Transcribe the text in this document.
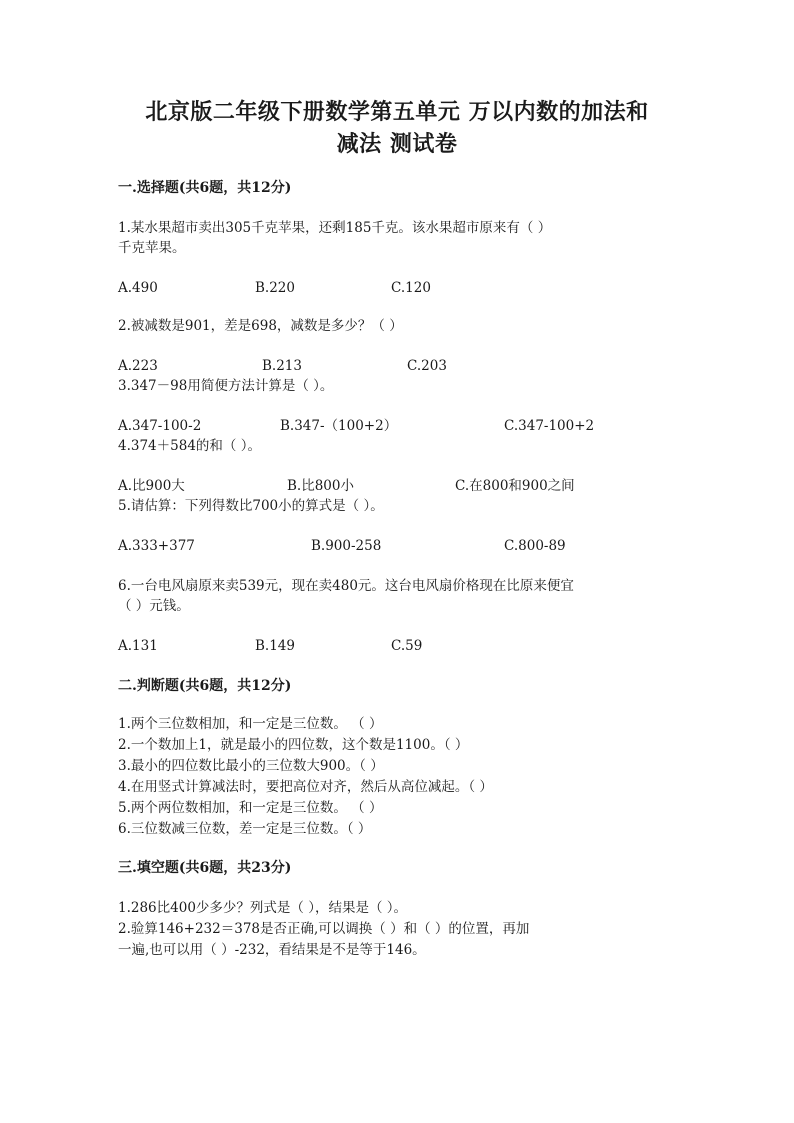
北京版二年级下册数学第五单元 万以内数的加法和
减法 测试卷
一.选择题(共6题，共12分)
1.某水果超市卖出305千克苹果，还剩185千克。该水果超市原来有（ ）
千克苹果。
A.490	B.220	C.120
2.被减数是901，差是698，减数是多少？（ ）
A.223	B.213	C.203
3.347－98用简便方法计算是（ ）。
A.347-100-2	B.347-（100+2）	C.347-100+2
4.374＋584的和（ ）。
A.比900大	B.比800小	C.在800和900之间
5.请估算：下列得数比700小的算式是（ ）。
A.333+377	B.900-258	C.800-89
6.一台电风扇原来卖539元，现在卖480元。这台电风扇价格现在比原来便宜
（ ）元钱。
A.131	B.149	C.59
二.判断题(共6题，共12分)
1.两个三位数相加，和一定是三位数。 （ ）
2.一个数加上1，就是最小的四位数，这个数是1100。（ ）
3.最小的四位数比最小的三位数大900。（ ）
4.在用竖式计算减法时，要把高位对齐，然后从高位减起。（ ）
5.两个两位数相加，和一定是三位数。 （ ）
6.三位数减三位数，差一定是三位数。（ ）
三.填空题(共6题，共23分)
1.286比400少多少？列式是（ ），结果是（ ）。
2.验算146+232＝378是否正确,可以调换（ ）和（ ）的位置，再加
一遍,也可以用（ ）-232，看结果是不是等于146。
